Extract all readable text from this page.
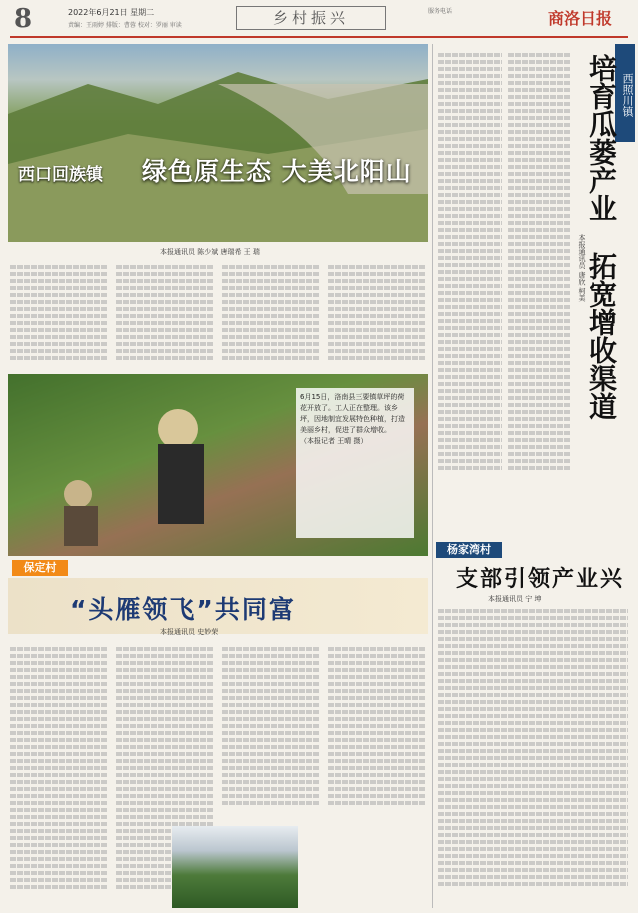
8	2022年6月21日 星期二
责编：王雨婷 排版：曹蓉 校对：罗丽 审读	乡村振兴	服务电话	商洛日报
西口回族镇 绿色原生态 大美北阳山
本报通讯员 陈少斌 唐瑞希 王 瑞
6月15日，洛南县三要镇草坪的荷花开放了。工人正在整理。该乡坪，因地制宜发展特色种植，打造美丽乡村，促进了群众增收。
（本报记者 王晴 摄）
保定村
“头雁领飞”共同富
本报通讯员 史妙荣
西照川镇
培育瓜蒌产业
拓宽增收渠道
本报通讯员 唐欣 柯美
杨家湾村
支部引领产业兴
本报通讯员 宁 坤
